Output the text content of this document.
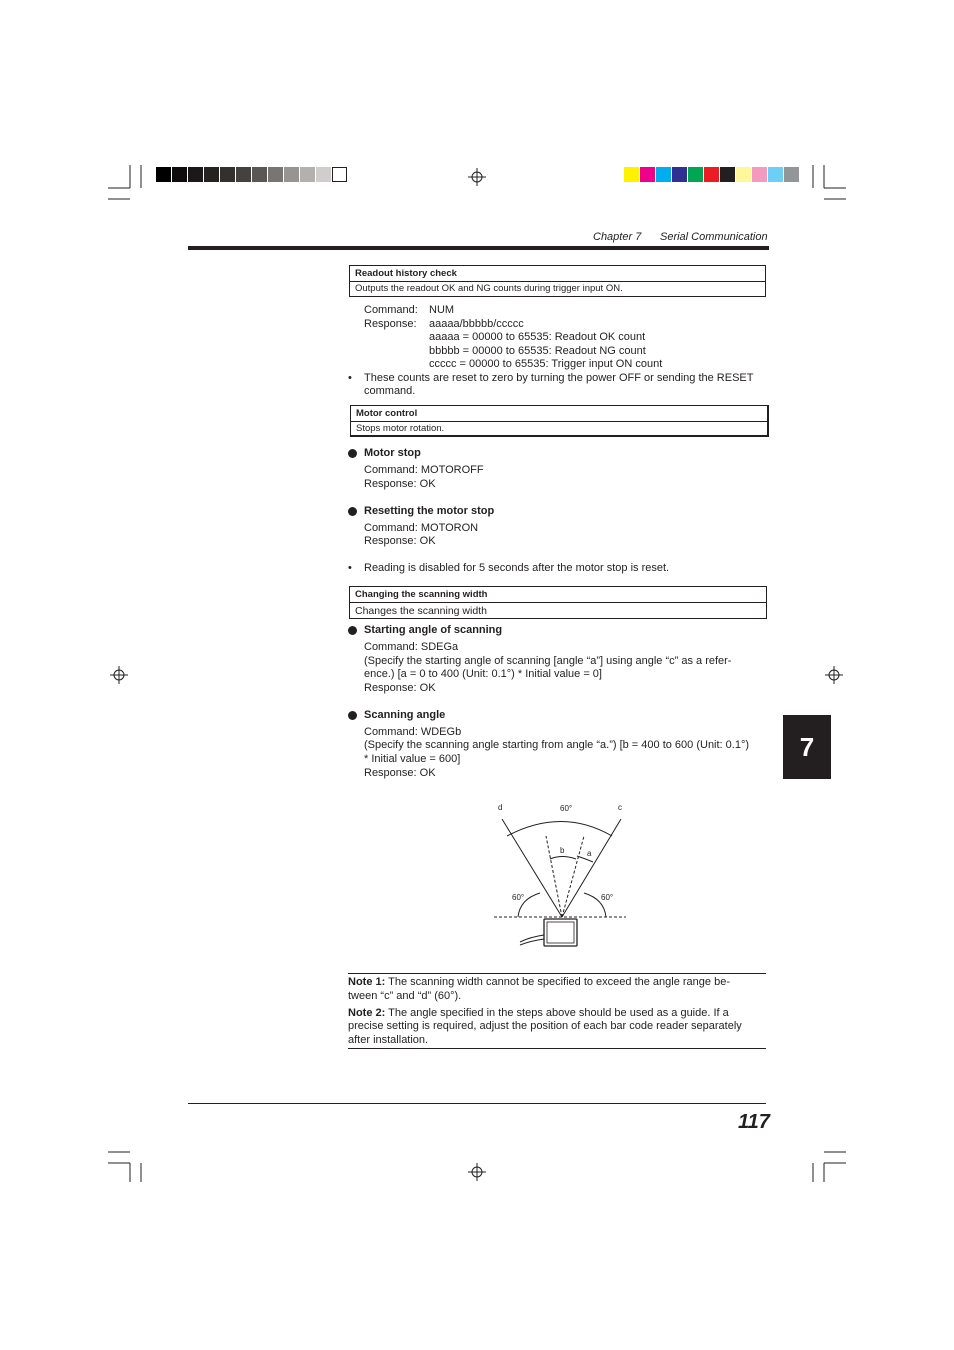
Chapter 7 Serial Communication
Readout history check
Outputs the readout OK and NG counts during trigger input ON.
Command: NUM
Response: aaaaa/bbbbb/ccccc
aaaaa = 00000 to 65535: Readout OK count
bbbbb = 00000 to 65535: Readout NG count
ccccc = 00000 to 65535: Trigger input ON count
• These counts are reset to zero by turning the power OFF or sending the RESET
command.
Motor control
Stops motor rotation.
Motor stop
Command: MOTOROFF
Response: OK
Resetting the motor stop
Command: MOTORON
Response: OK
• Reading is disabled for 5 seconds after the motor stop is reset.
Changing the scanning width
Changes the scanning width
Starting angle of scanning
Command: SDEGa
(Specify the starting angle of scanning [angle “a”] using angle “c” as a refer-
ence.) [a = 0 to 400 (Unit: 0.1°) * Initial value = 0]
Response: OK
Scanning angle
Command: WDEGb
(Specify the scanning angle starting from angle “a.”) [b = 400 to 600 (Unit: 0.1°)
* Initial value = 600]
Response: OK
7
d	c
60°
b	a
60°	60°
Note 1: The scanning width cannot be specified to exceed the angle range be-
tween “c” and “d” (60°).
Note 2: The angle specified in the steps above should be used as a guide. If a
precise setting is required, adjust the position of each bar code reader separately
after installation.
117
